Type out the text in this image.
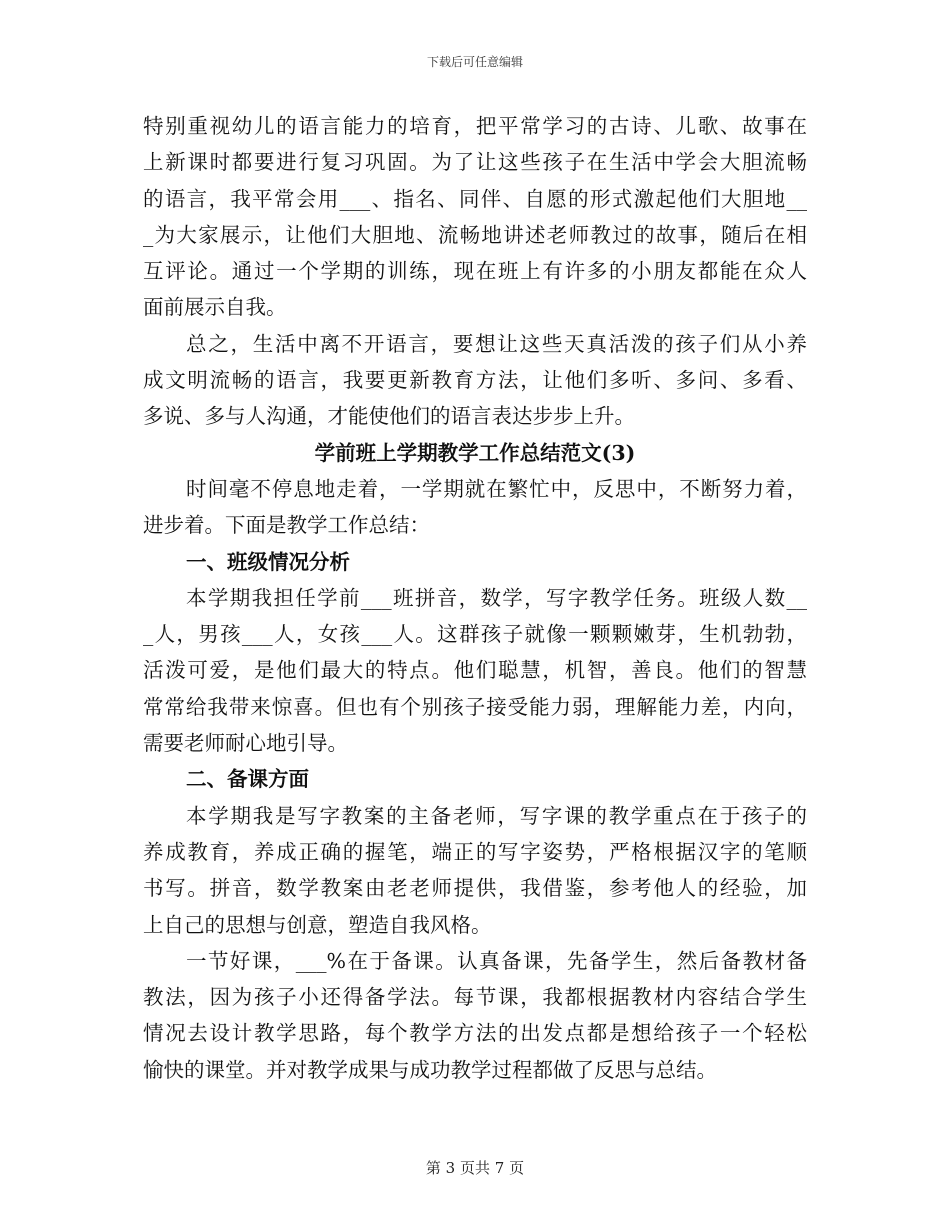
下载后可任意编辑
特别重视幼儿的语言能力的培育，把平常学习的古诗、儿歌、故事在
上新课时都要进行复习巩固。为了让这些孩子在生活中学会大胆流畅
的语言，我平常会用___、指名、同伴、自愿的形式激起他们大胆地__
_为大家展示，让他们大胆地、流畅地讲述老师教过的故事，随后在相
互评论。通过一个学期的训练，现在班上有许多的小朋友都能在众人
面前展示自我。
总之，生活中离不开语言，要想让这些天真活泼的孩子们从小养
成文明流畅的语言，我要更新教育方法，让他们多听、多问、多看、
多说、多与人沟通，才能使他们的语言表达步步上升。
学前班上学期教学工作总结范文(3)
时间毫不停息地走着，一学期就在繁忙中，反思中，不断努力着，
进步着。下面是教学工作总结：
一、班级情况分析
本学期我担任学前___班拼音，数学，写字教学任务。班级人数__
_人，男孩___人，女孩___人。这群孩子就像一颗颗嫩芽，生机勃勃，
活泼可爱，是他们最大的特点。他们聪慧，机智，善良。他们的智慧
常常给我带来惊喜。但也有个别孩子接受能力弱，理解能力差，内向，
需要老师耐心地引导。
二、备课方面
本学期我是写字教案的主备老师，写字课的教学重点在于孩子的
养成教育，养成正确的握笔，端正的写字姿势，严格根据汉字的笔顺
书写。拼音，数学教案由老老师提供，我借鉴，参考他人的经验，加
上自己的思想与创意，塑造自我风格。
一节好课，___%在于备课。认真备课，先备学生，然后备教材备
教法，因为孩子小还得备学法。每节课，我都根据教材内容结合学生
情况去设计教学思路，每个教学方法的出发点都是想给孩子一个轻松
愉快的课堂。并对教学成果与成功教学过程都做了反思与总结。
第 3 页共 7 页
